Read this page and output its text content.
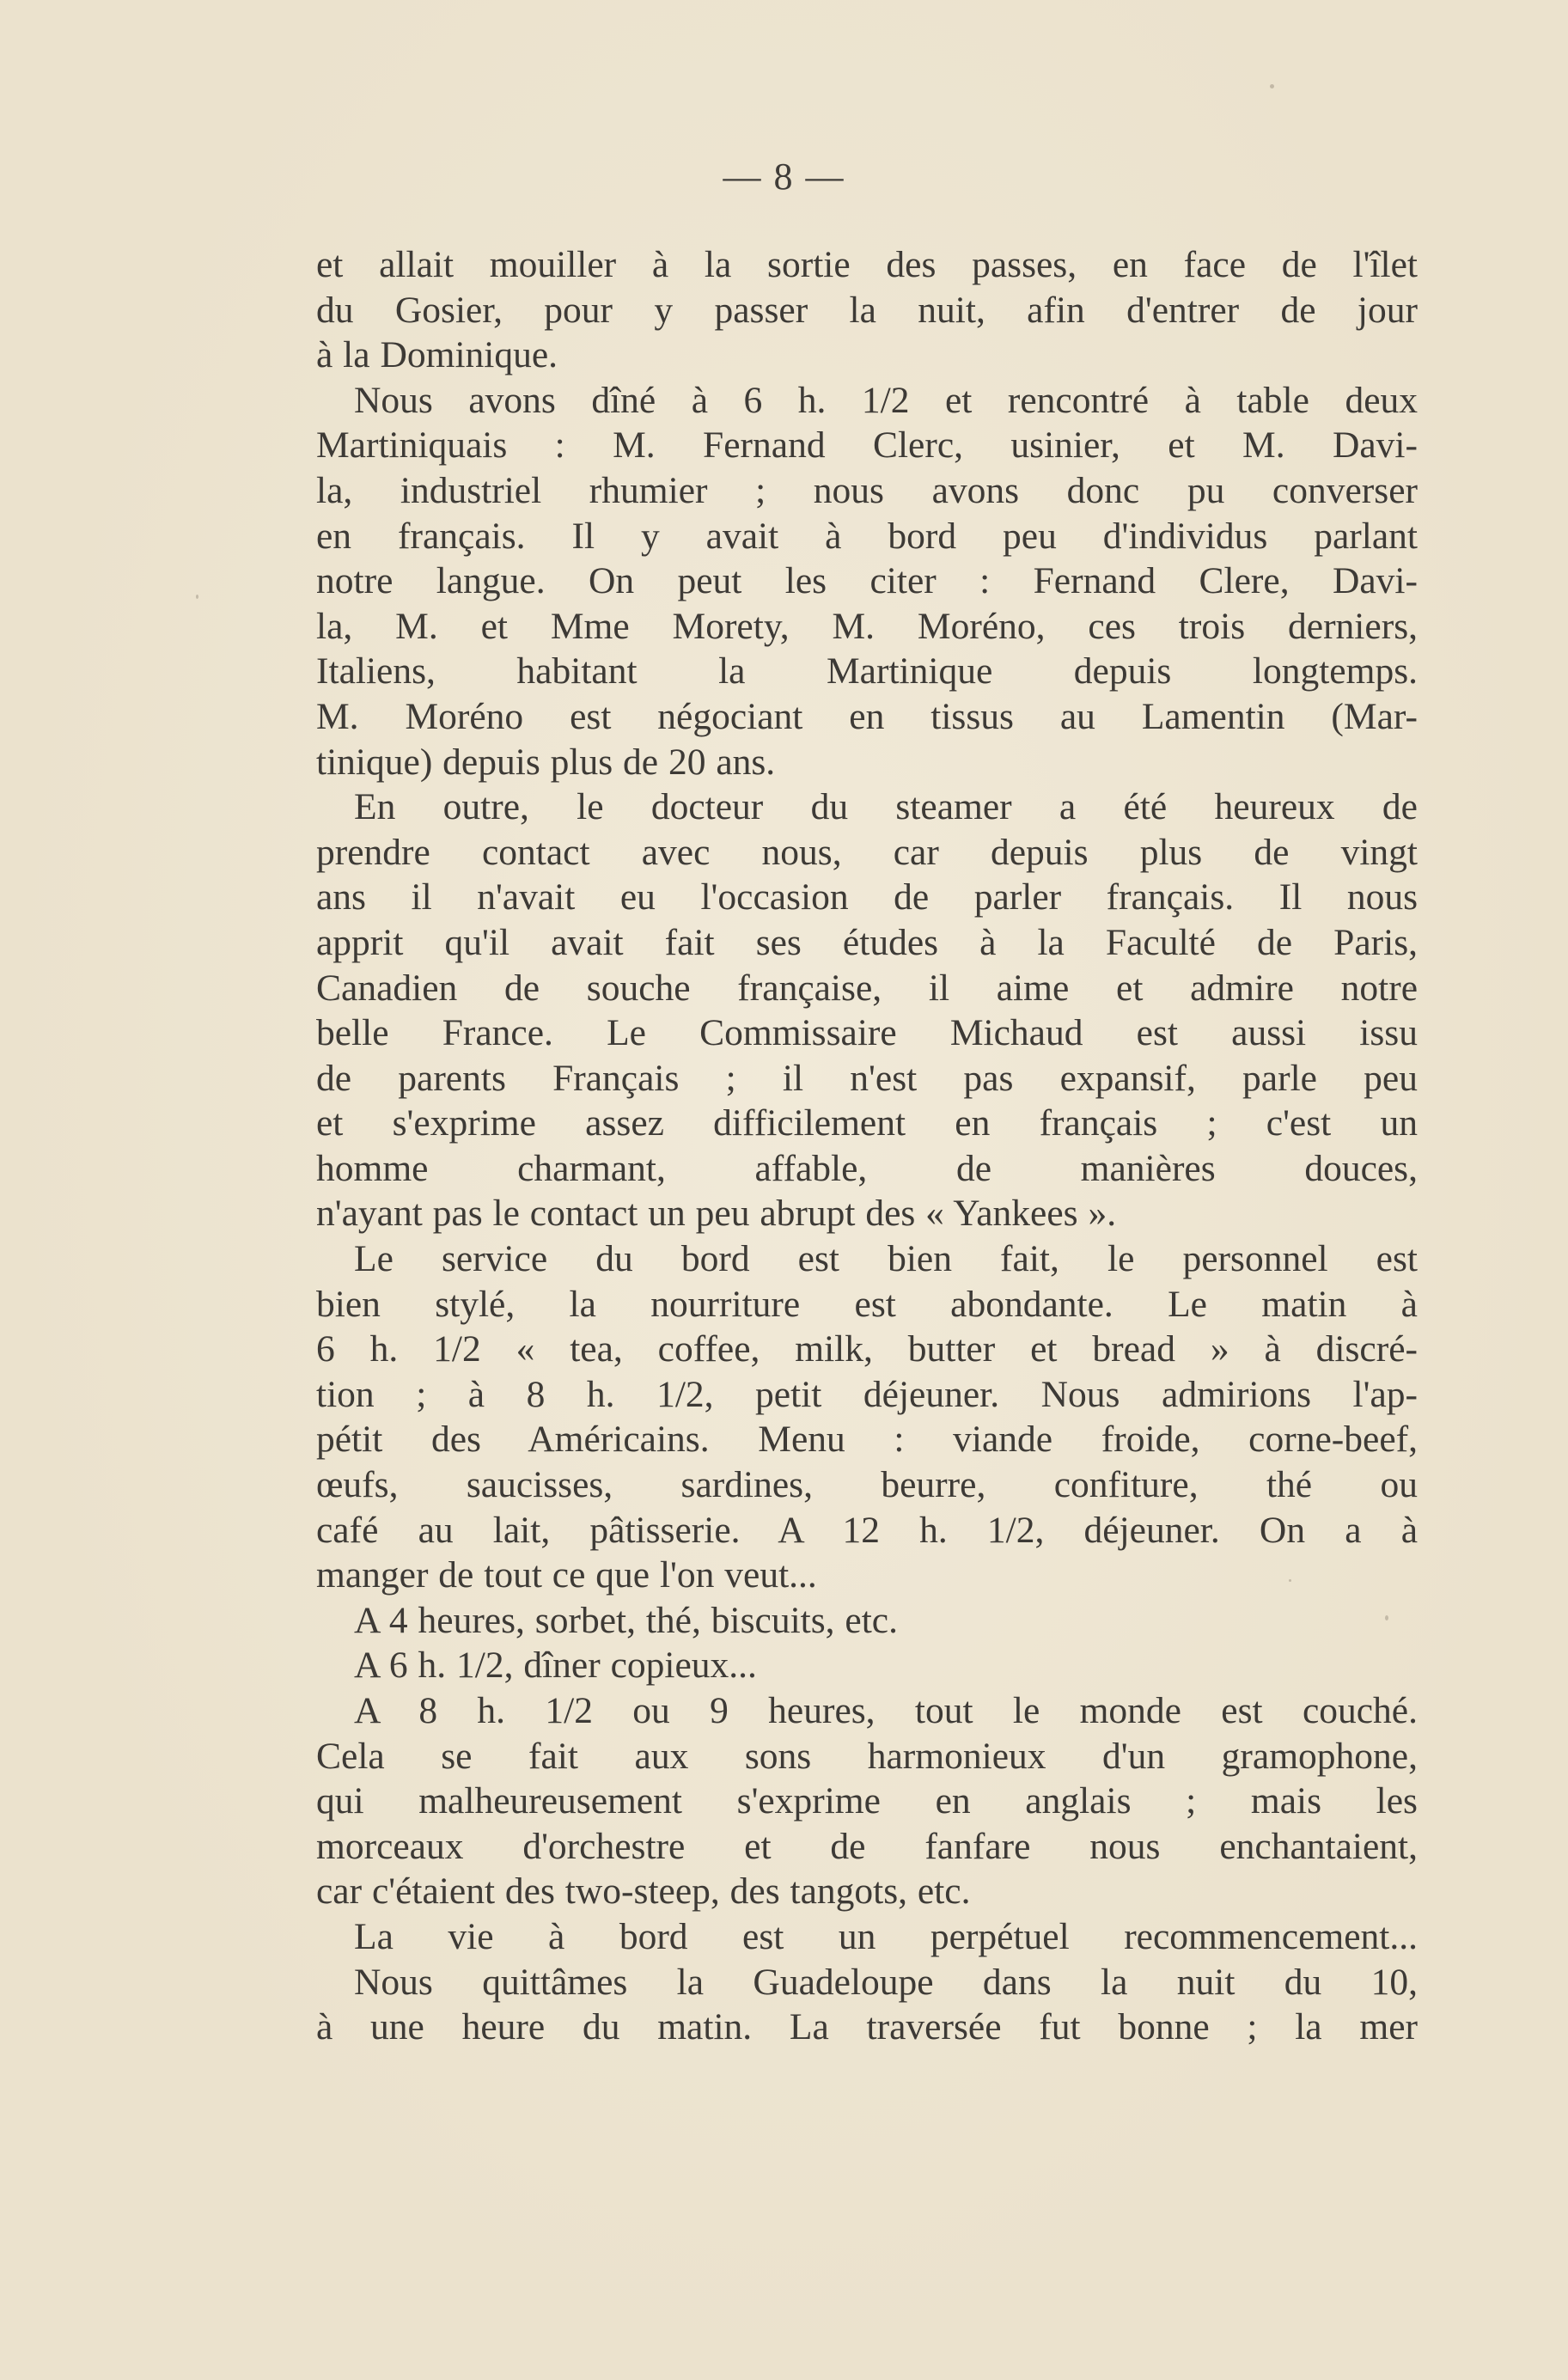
— 8 —
et allait mouiller à la sortie des passes, en face de l'îlet
du Gosier, pour y passer la nuit, afin d'entrer de jour
à la Dominique.
Nous avons dîné à 6 h. 1/2 et rencontré à table deux
Martiniquais : M. Fernand Clerc, usinier, et M. Davi-
la, industriel rhumier ; nous avons donc pu converser
en français. Il y avait à bord peu d'individus parlant
notre langue. On peut les citer : Fernand Clere, Davi-
la, M. et Mme Morety, M. Moréno, ces trois derniers,
Italiens, habitant la Martinique depuis longtemps.
M. Moréno est négociant en tissus au Lamentin (Mar-
tinique) depuis plus de 20 ans.
En outre, le docteur du steamer a été heureux de
prendre contact avec nous, car depuis plus de vingt
ans il n'avait eu l'occasion de parler français. Il nous
apprit qu'il avait fait ses études à la Faculté de Paris,
Canadien de souche française, il aime et admire notre
belle France. Le Commissaire Michaud est aussi issu
de parents Français ; il n'est pas expansif, parle peu
et s'exprime assez difficilement en français ; c'est un
homme charmant, affable, de manières douces,
n'ayant pas le contact un peu abrupt des « Yankees ».
Le service du bord est bien fait, le personnel est
bien stylé, la nourriture est abondante. Le matin à
6 h. 1/2 « tea, coffee, milk, butter et bread » à discré-
tion ; à 8 h. 1/2, petit déjeuner. Nous admirions l'ap-
pétit des Américains. Menu : viande froide, corne-beef,
œufs, saucisses, sardines, beurre, confiture, thé ou
café au lait, pâtisserie. A 12 h. 1/2, déjeuner. On a à
manger de tout ce que l'on veut...
A 4 heures, sorbet, thé, biscuits, etc.
A 6 h. 1/2, dîner copieux...
A 8 h. 1/2 ou 9 heures, tout le monde est couché.
Cela se fait aux sons harmonieux d'un gramophone,
qui malheureusement s'exprime en anglais ; mais les
morceaux d'orchestre et de fanfare nous enchantaient,
car c'étaient des two-steep, des tangots, etc.
La vie à bord est un perpétuel recommencement...
Nous quittâmes la Guadeloupe dans la nuit du 10,
à une heure du matin. La traversée fut bonne ; la mer
